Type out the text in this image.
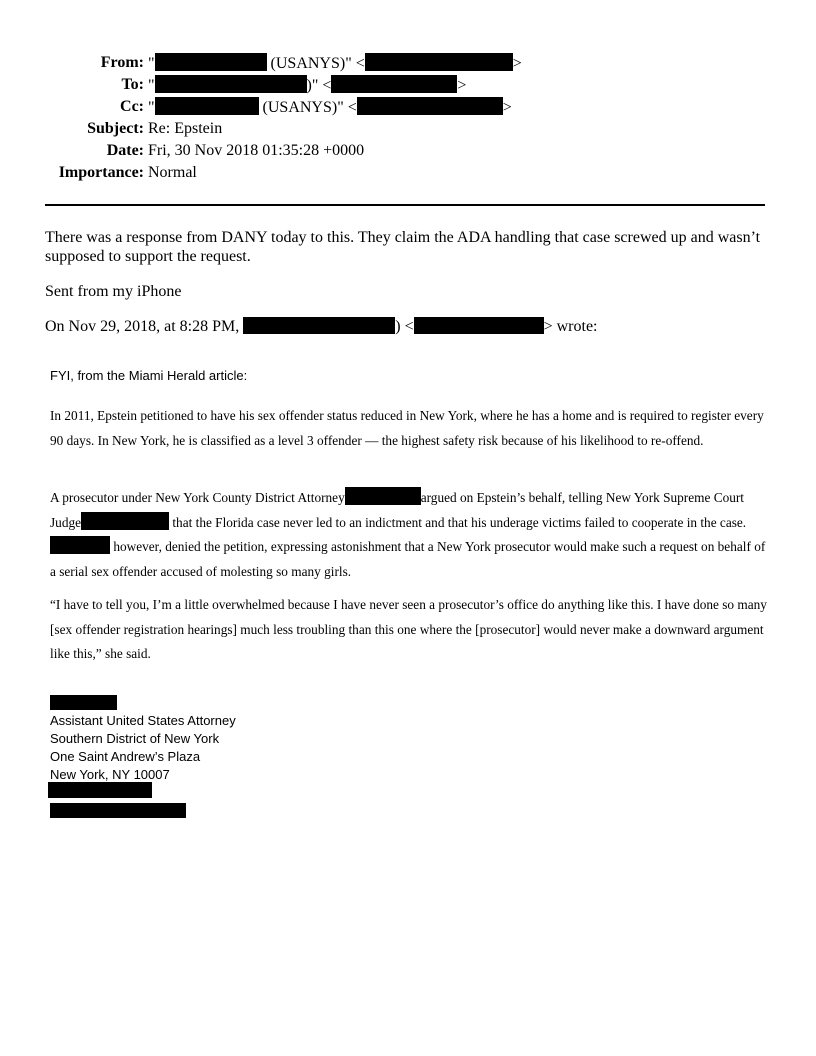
From: "	(USANYS)" <	>
To: "	)" <	>
Cc: "	(USANYS)" <	>
Subject: Re: Epstein
Date: Fri, 30 Nov 2018 01:35:28 +0000
Importance: Normal
There was a response from DANY today to this. They claim the ADA handling that case screwed up and wasn’t supposed to support the request.
Sent from my iPhone
On Nov 29, 2018, at 8:28 PM,	) <	> wrote:
FYI, from the Miami Herald article:
In 2011, Epstein petitioned to have his sex offender status reduced in New York, where he has a home and is required to register every 90 days. In New York, he is classified as a level 3 offender — the highest safety risk because of his likelihood to re-offend.
A prosecutor under New York County District Attorney	argued on Epstein’s behalf, telling New York Supreme Court Judge	that the Florida case never led to an indictment and that his underage victims failed to cooperate in the case. however, denied the petition, expressing astonishment that a New York prosecutor would make such a request on behalf of a serial sex offender accused of molesting so many girls.
“I have to tell you, I’m a little overwhelmed because I have never seen a prosecutor’s office do anything like this. I have done so many [sex offender registration hearings] much less troubling than this one where the [prosecutor] would never make a downward argument like this,” she said.
Assistant United States Attorney
Southern District of New York
One Saint Andrew’s Plaza
New York, NY 10007
